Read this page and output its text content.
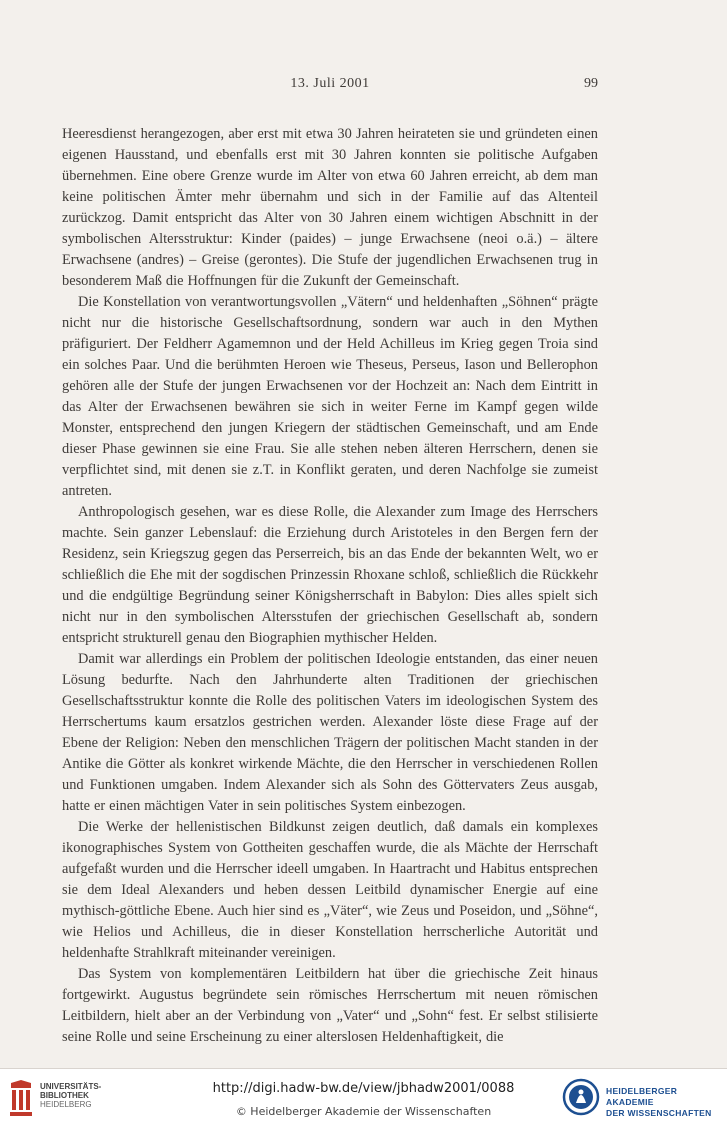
13. Juli 2001	99

Heeresdienst herangezogen, aber erst mit etwa 30 Jahren heirateten sie und gründeten einen eigenen Hausstand, und ebenfalls erst mit 30 Jahren konnten sie politische Aufgaben übernehmen. Eine obere Grenze wurde im Alter von etwa 60 Jahren erreicht, ab dem man keine politischen Ämter mehr übernahm und sich in der Familie auf das Altenteil zurückzog. Damit entspricht das Alter von 30 Jahren einem wichtigen Abschnitt in der symbolischen Altersstruktur: Kinder (paides) – junge Erwachsene (neoi o.ä.) – ältere Erwachsene (andres) – Greise (gerontes). Die Stufe der jugendlichen Erwachsenen trug in besonderem Maß die Hoffnungen für die Zukunft der Gemeinschaft.

Die Konstellation von verantwortungsvollen „Vätern“ und heldenhaften „Söhnen“ prägte nicht nur die historische Gesellschaftsordnung, sondern war auch in den Mythen präfiguriert. Der Feldherr Agamemnon und der Held Achilleus im Krieg gegen Troia sind ein solches Paar. Und die berühmten Heroen wie Theseus, Perseus, Iason und Bellerophon gehören alle der Stufe der jungen Erwachsenen vor der Hochzeit an: Nach dem Eintritt in das Alter der Erwachsenen bewähren sie sich in weiter Ferne im Kampf gegen wilde Monster, entsprechend den jungen Kriegern der städtischen Gemeinschaft, und am Ende dieser Phase gewinnen sie eine Frau. Sie alle stehen neben älteren Herrschern, denen sie verpflichtet sind, mit denen sie z.T. in Konflikt geraten, und deren Nachfolge sie zumeist antreten.

Anthropologisch gesehen, war es diese Rolle, die Alexander zum Image des Herrschers machte. Sein ganzer Lebenslauf: die Erziehung durch Aristoteles in den Bergen fern der Residenz, sein Kriegszug gegen das Perserreich, bis an das Ende der bekannten Welt, wo er schließlich die Ehe mit der sogdischen Prinzessin Rhoxane schloß, schließlich die Rückkehr und die endgültige Begründung seiner Königsherrschaft in Babylon: Dies alles spielt sich nicht nur in den symbolischen Altersstufen der griechischen Gesellschaft ab, sondern entspricht strukturell genau den Biographien mythischer Helden.

Damit war allerdings ein Problem der politischen Ideologie entstanden, das einer neuen Lösung bedurfte. Nach den Jahrhunderte alten Traditionen der griechischen Gesellschaftsstruktur konnte die Rolle des politischen Vaters im ideologischen System des Herrschertums kaum ersatzlos gestrichen werden. Alexander löste diese Frage auf der Ebene der Religion: Neben den menschlichen Trägern der politischen Macht standen in der Antike die Götter als konkret wirkende Mächte, die den Herrscher in verschiedenen Rollen und Funktionen umgaben. Indem Alexander sich als Sohn des Göttervaters Zeus ausgab, hatte er einen mächtigen Vater in sein politisches System einbezogen.

Die Werke der hellenistischen Bildkunst zeigen deutlich, daß damals ein komplexes ikonographisches System von Gottheiten geschaffen wurde, die als Mächte der Herrschaft aufgefaßt wurden und die Herrscher ideell umgaben. In Haartracht und Habitus entsprechen sie dem Ideal Alexanders und heben dessen Leitbild dynamischer Energie auf eine mythisch-göttliche Ebene. Auch hier sind es „Väter“, wie Zeus und Poseidon, und „Söhne“, wie Helios und Achilleus, die in dieser Konstellation herrscherliche Autorität und heldenhafte Strahlkraft miteinander vereinigen.

Das System von komplementären Leitbildern hat über die griechische Zeit hinaus fortgewirkt. Augustus begründete sein römisches Herrschertum mit neuen römischen Leitbildern, hielt aber an der Verbindung von „Vater“ und „Sohn“ fest. Er selbst stilisierte seine Rolle und seine Erscheinung zu einer alterslosen Heldenhaftigkeit, die

UNIVERSITÄTS-
BIBLIOTHEK
HEIDELBERG
http://digi.hadw-bw.de/view/jbhadw2001/0088
© Heidelberger Akademie der Wissenschaften
HEIDELBERGER AKADEMIE
DER WISSENSCHAFTEN
